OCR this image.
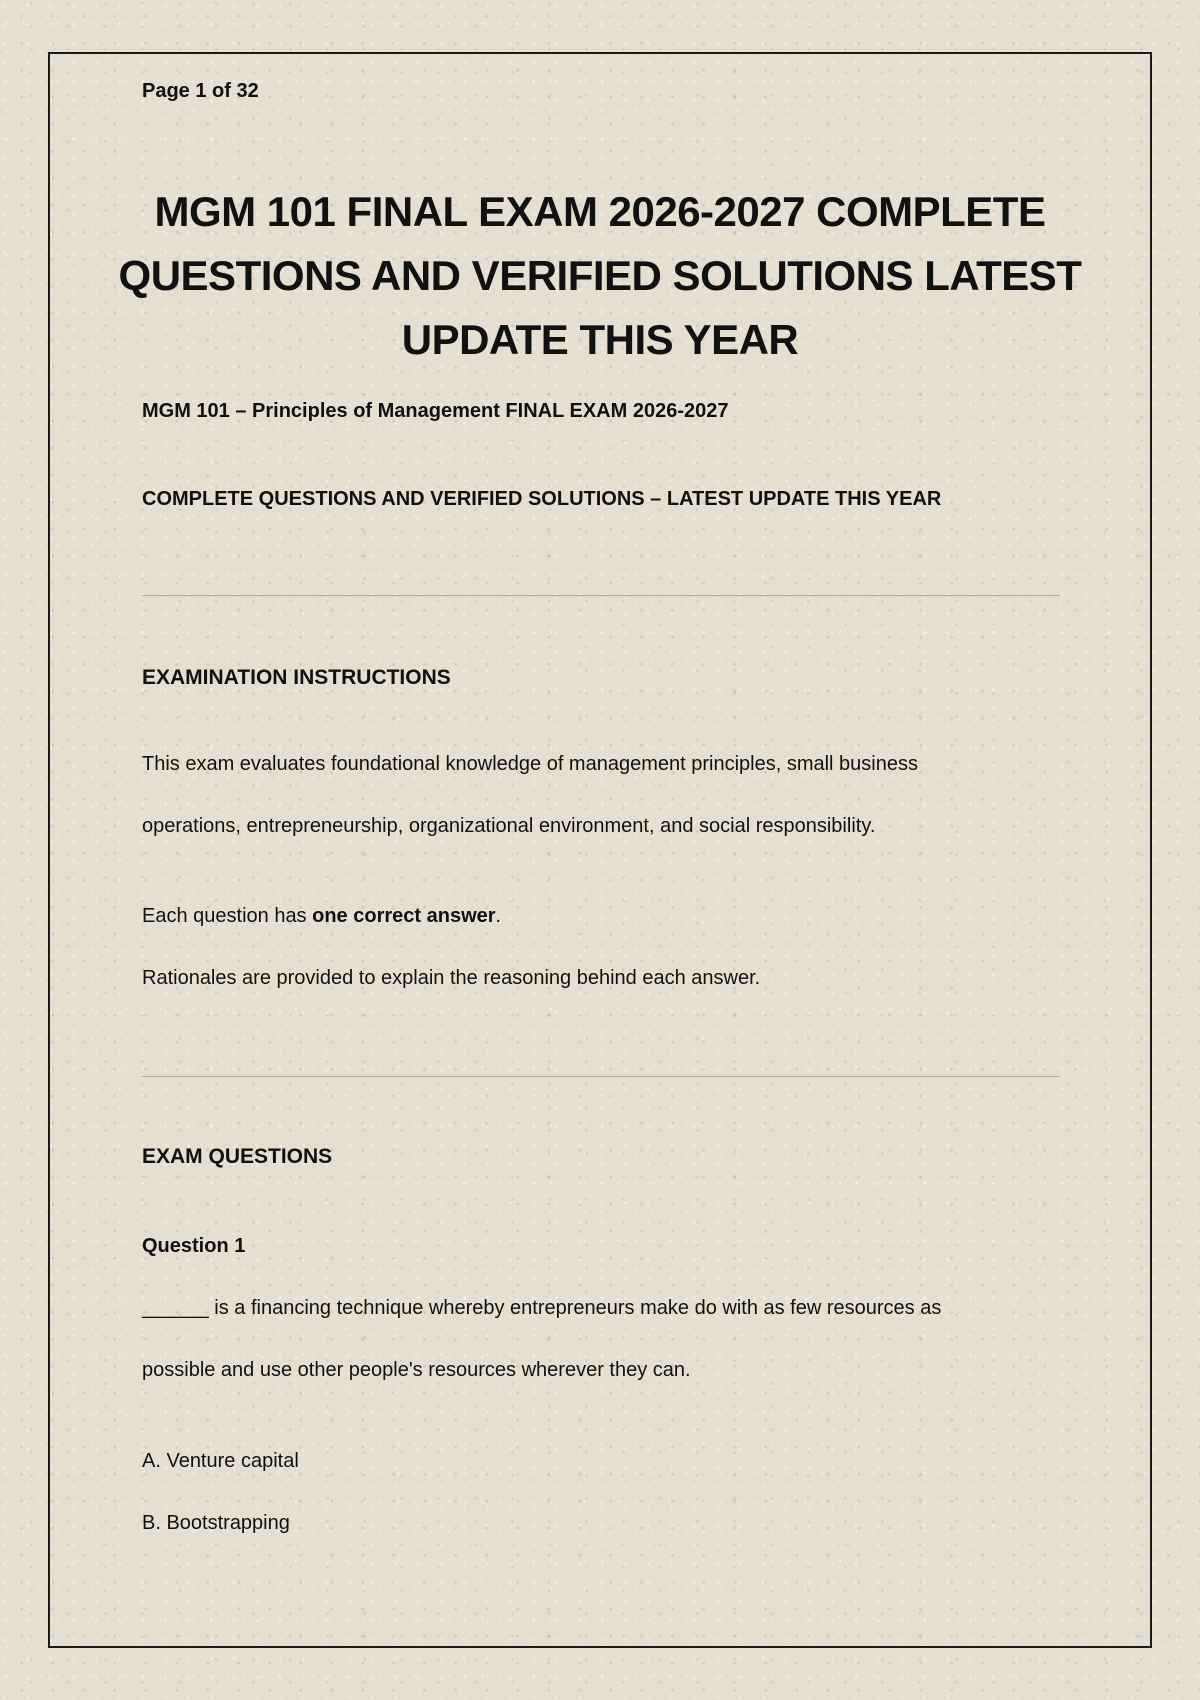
Page 1 of 32
MGM 101 FINAL EXAM 2026-2027 COMPLETE
QUESTIONS AND VERIFIED SOLUTIONS LATEST
UPDATE THIS YEAR
MGM 101 – Principles of Management FINAL EXAM 2026-2027
COMPLETE QUESTIONS AND VERIFIED SOLUTIONS – LATEST UPDATE THIS YEAR
EXAMINATION INSTRUCTIONS
This exam evaluates foundational knowledge of management principles, small business
operations, entrepreneurship, organizational environment, and social responsibility.
Each question has one correct answer.
Rationales are provided to explain the reasoning behind each answer.
EXAM QUESTIONS
Question 1
______ is a financing technique whereby entrepreneurs make do with as few resources as
possible and use other people's resources wherever they can.
A. Venture capital
B. Bootstrapping
